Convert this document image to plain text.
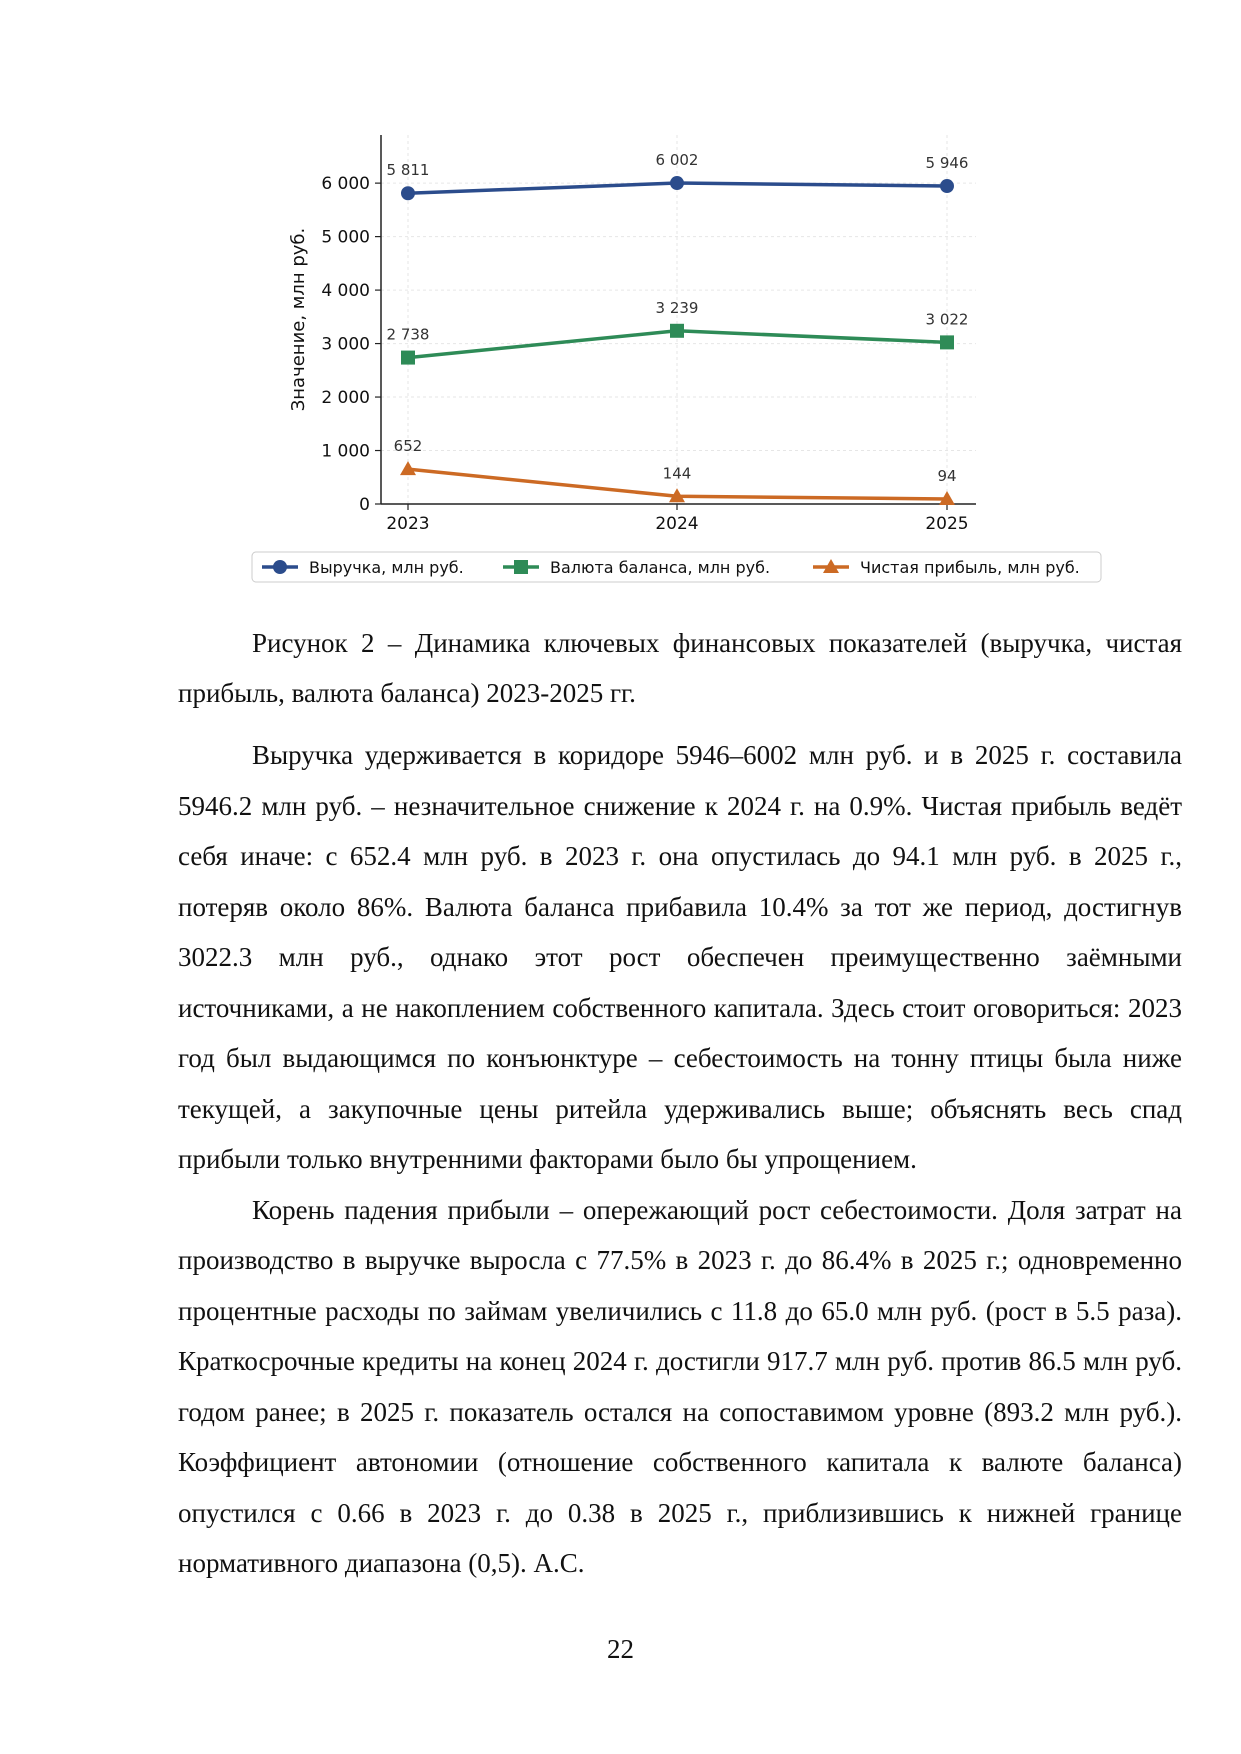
0
1 000
2 000
3 000
4 000
5 000
6 000
2023	2024	2025
Значение, млн руб.
5 811
6 002	5 946
2 738
3 239
3 022
652
144	94
Выручка, млн руб.	Валюта баланса, млн руб.	Чистая прибыль, млн руб.

Рисунок 2 – Динамика ключевых финансовых показателей (выручка, чистая прибыль, валюта баланса) 2023-2025 гг.

Выручка удерживается в коридоре 5946–6002 млн руб. и в 2025 г. составила 5946.2 млн руб. – незначительное снижение к 2024 г. на 0.9%. Чистая прибыль ведёт себя иначе: с 652.4 млн руб. в 2023 г. она опустилась до 94.1 млн руб. в 2025 г., потеряв около 86%. Валюта баланса прибавила 10.4% за тот же период, достигнув 3022.3 млн руб., однако этот рост обеспечен преимущественно заёмными источниками, а не накоплением собственного капитала. Здесь стоит оговориться: 2023 год был выдающимся по конъюнктуре – себестоимость на тонну птицы была ниже текущей, а закупочные цены ритейла удерживались выше; объяснять весь спад прибыли только внутренними факторами было бы упрощением.

Корень падения прибыли – опережающий рост себестоимости. Доля затрат на производство в выручке выросла с 77.5% в 2023 г. до 86.4% в 2025 г.; одновременно процентные расходы по займам увеличились с 11.8 до 65.0 млн руб. (рост в 5.5 раза). Краткосрочные кредиты на конец 2024 г. достигли 917.7 млн руб. против 86.5 млн руб. годом ранее; в 2025 г. показатель остался на сопоставимом уровне (893.2 млн руб.). Коэффициент автономии (отношение собственного капитала к валюте баланса) опустился с 0.66 в 2023 г. до 0.38 в 2025 г., приблизившись к нижней границе нормативного диапазона (0,5). А.С.

22
